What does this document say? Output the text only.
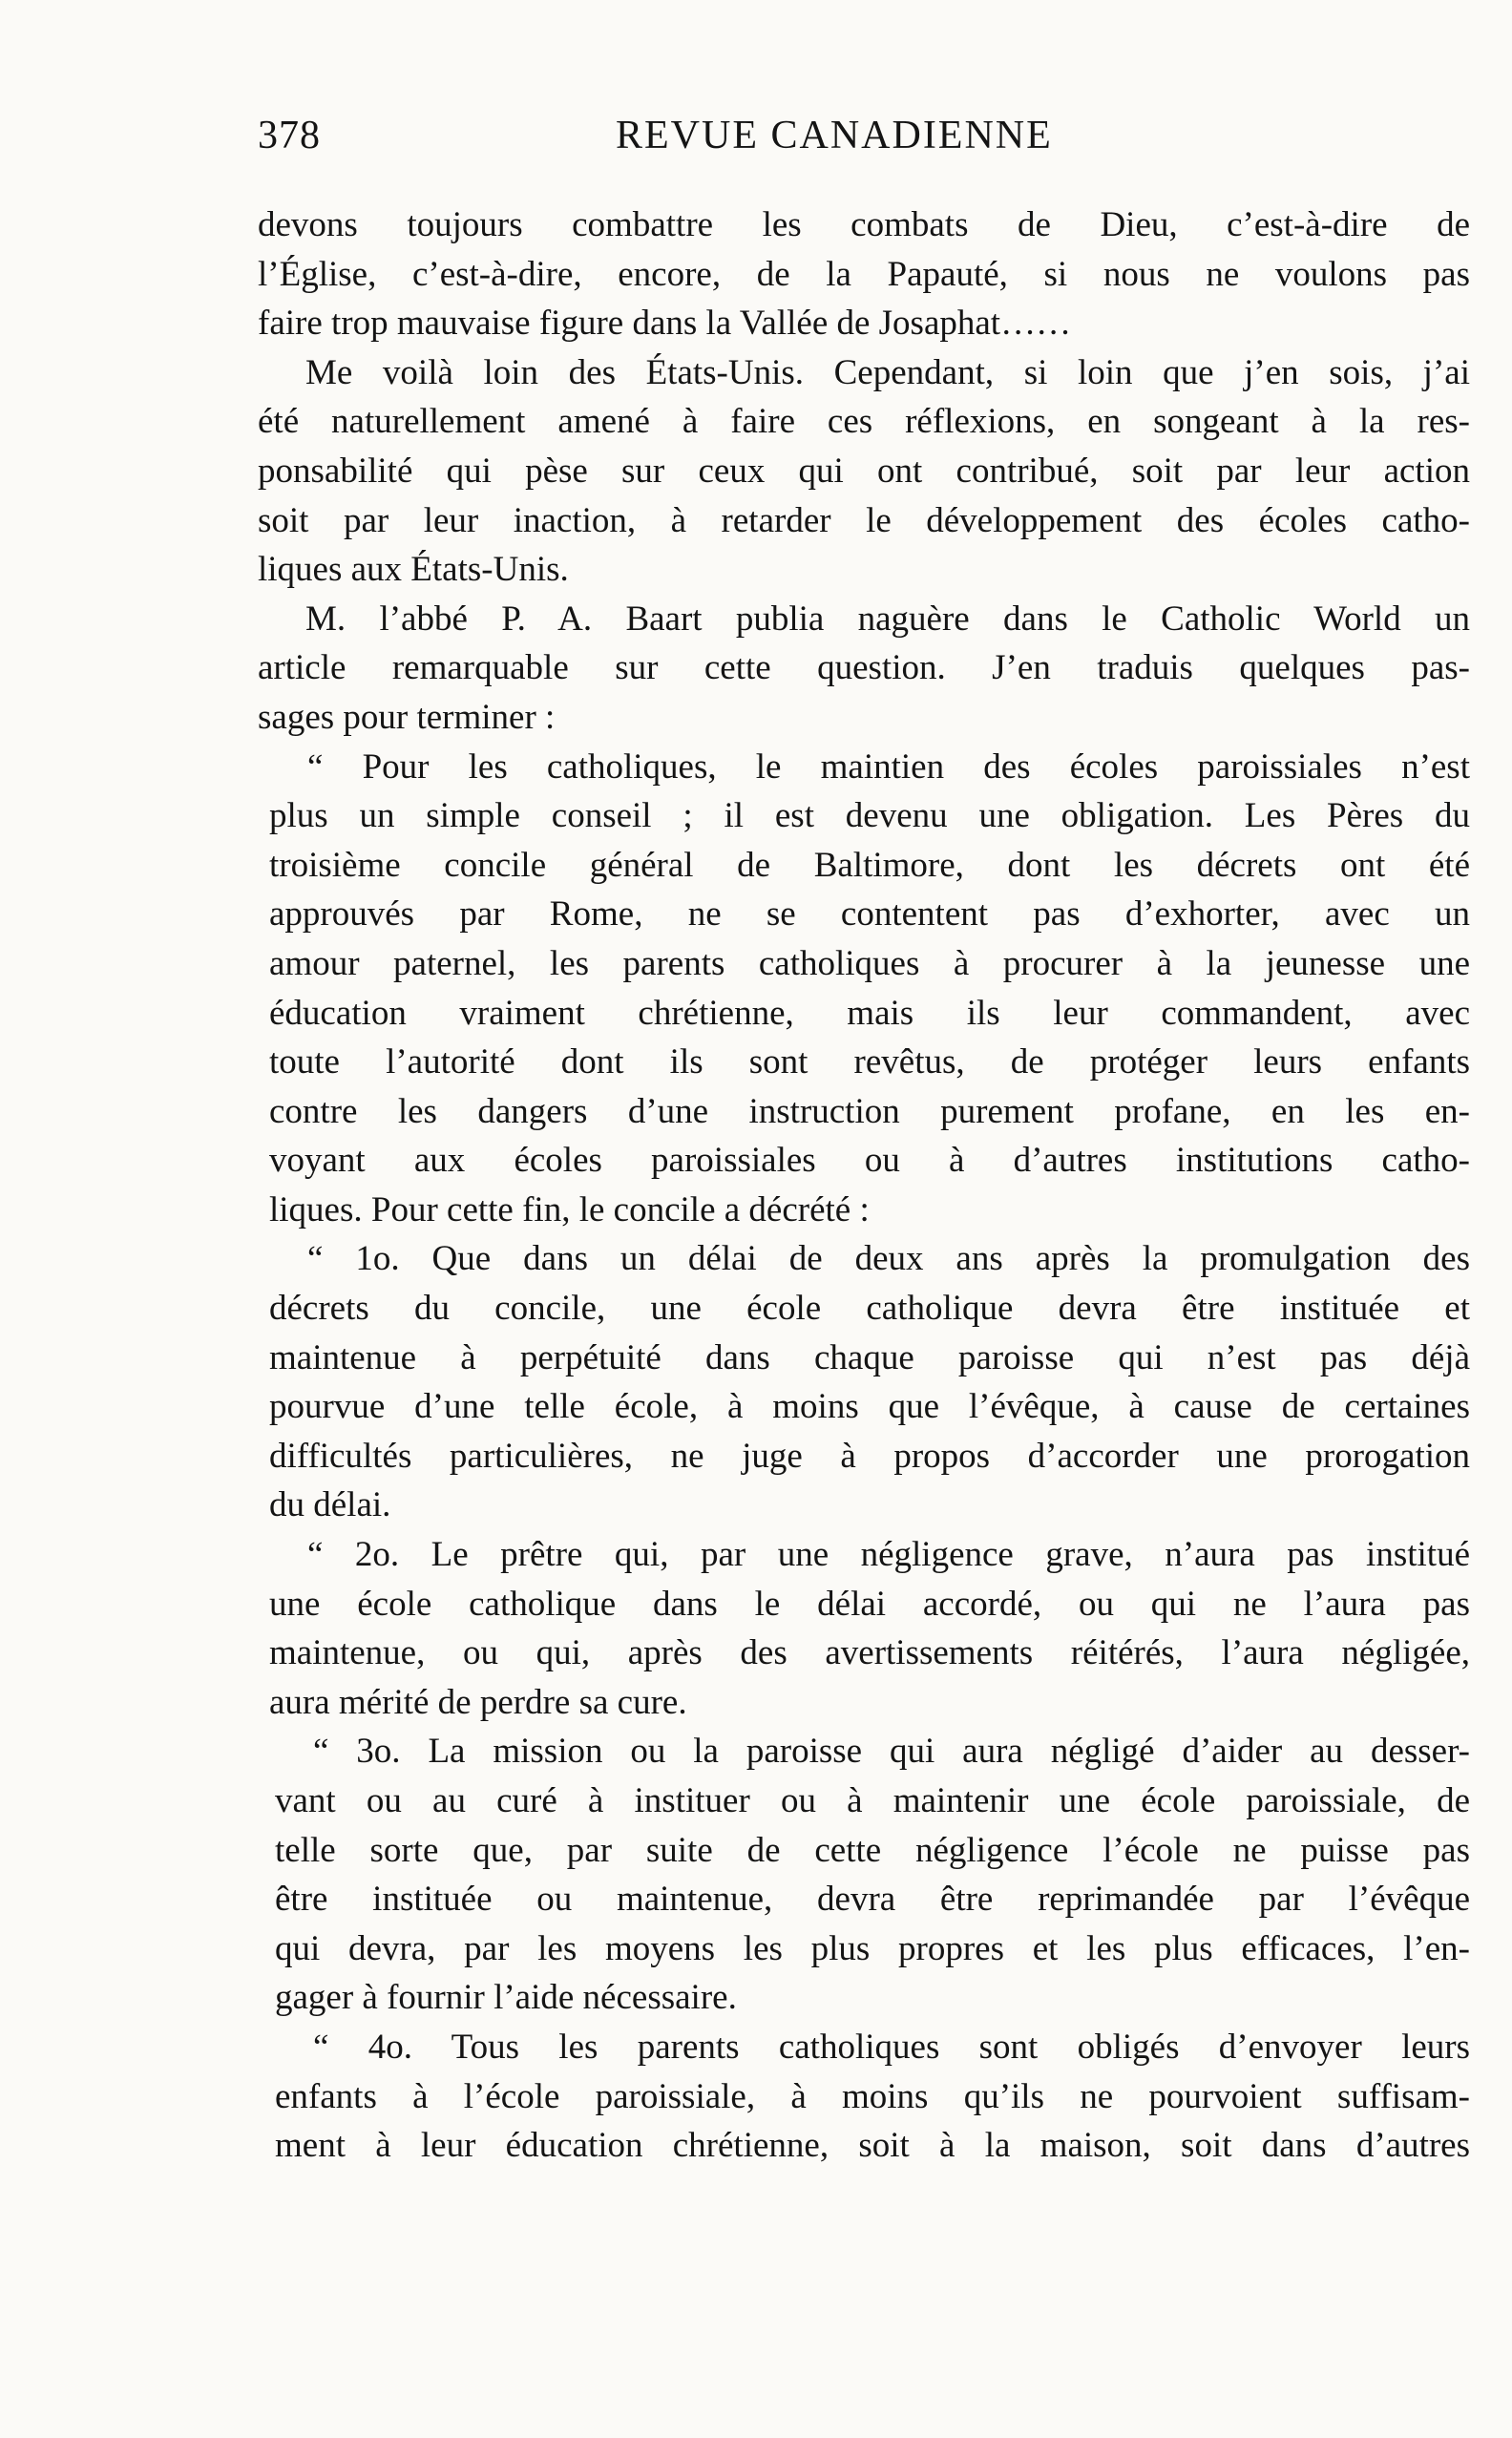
378	REVUE CANADIENNE
devons toujours combattre les combats de Dieu, c’est-à-dire de
l’Église, c’est-à-dire, encore, de la Papauté, si nous ne voulons pas
faire trop mauvaise figure dans la Vallée de Josaphat……
Me voilà loin des États-Unis. Cependant, si loin que j’en sois, j’ai
été naturellement amené à faire ces réflexions, en songeant à la res-
ponsabilité qui pèse sur ceux qui ont contribué, soit par leur action
soit par leur inaction, à retarder le développement des écoles catho-
liques aux États-Unis.
M. l’abbé P. A. Baart publia naguère dans le Catholic World un
article remarquable sur cette question. J’en traduis quelques pas-
sages pour terminer :
“ Pour les catholiques, le maintien des écoles paroissiales n’est
plus un simple conseil ; il est devenu une obligation. Les Pères du
troisième concile général de Baltimore, dont les décrets ont été
approuvés par Rome, ne se contentent pas d’exhorter, avec un
amour paternel, les parents catholiques à procurer à la jeunesse une
éducation vraiment chrétienne, mais ils leur commandent, avec
toute l’autorité dont ils sont revêtus, de protéger leurs enfants
contre les dangers d’une instruction purement profane, en les en-
voyant aux écoles paroissiales ou à d’autres institutions catho-
liques. Pour cette fin, le concile a décrété :
“ 1o. Que dans un délai de deux ans après la promulgation des
décrets du concile, une école catholique devra être instituée et
maintenue à perpétuité dans chaque paroisse qui n’est pas déjà
pourvue d’une telle école, à moins que l’évêque, à cause de certaines
difficultés particulières, ne juge à propos d’accorder une prorogation
du délai.
“ 2o. Le prêtre qui, par une négligence grave, n’aura pas institué
une école catholique dans le délai accordé, ou qui ne l’aura pas
maintenue, ou qui, après des avertissements réitérés, l’aura négligée,
aura mérité de perdre sa cure.
“ 3o. La mission ou la paroisse qui aura négligé d’aider au desser-
vant ou au curé à instituer ou à maintenir une école paroissiale, de
telle sorte que, par suite de cette négligence l’école ne puisse pas
être instituée ou maintenue, devra être reprimandée par l’évêque
qui devra, par les moyens les plus propres et les plus efficaces, l’en-
gager à fournir l’aide nécessaire.
“ 4o. Tous les parents catholiques sont obligés d’envoyer leurs
enfants à l’école paroissiale, à moins qu’ils ne pourvoient suffisam-
ment à leur éducation chrétienne, soit à la maison, soit dans d’autres
